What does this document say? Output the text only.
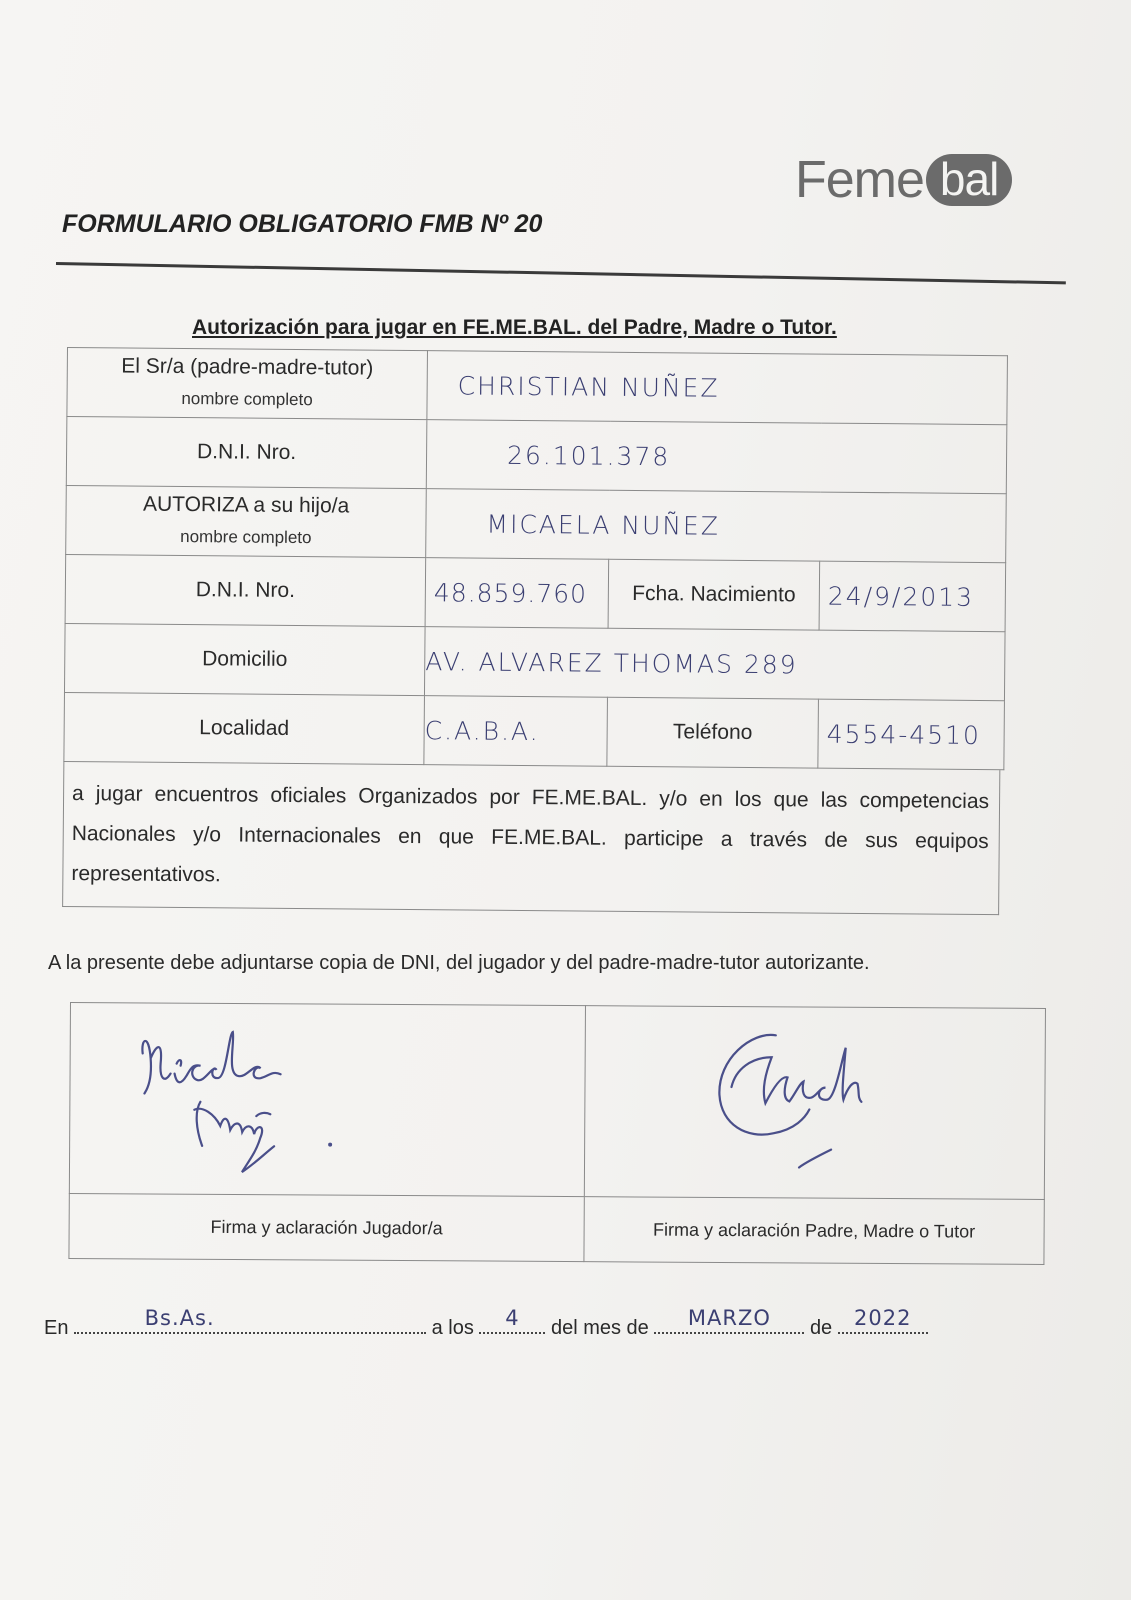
Feme bal
FORMULARIO OBLIGATORIO FMB Nº 20
Autorización para jugar en FE.ME.BAL. del Padre, Madre o Tutor.
El Sr/a (padre-madre-tutor)
nombre completo	CHRISTIAN NUÑEZ		
D.N.I. Nro.	26.101.378		
AUTORIZA a su hijo/a
nombre completo	MICAELA NUÑEZ		
D.N.I. Nro.	48.859.760	Fcha. Nacimiento	24/9/2013
Domicilio	AV. ALVAREZ THOMAS 289		
Localidad	C.A.B.A.	Teléfono	4554-4510
a jugar encuentros oficiales Organizados por FE.ME.BAL. y/o en los que las competencias Nacionales y/o Internacionales en que FE.ME.BAL. participe a través de sus equipos representativos.
A la presente debe adjuntarse copia de DNI, del jugador y del padre-madre-tutor autorizante.

Firma y aclaración Jugador/a	Firma y aclaración Padre, Madre o Tutor
En	Bs.As.	a los 4 del mes de MARZO de 2022
